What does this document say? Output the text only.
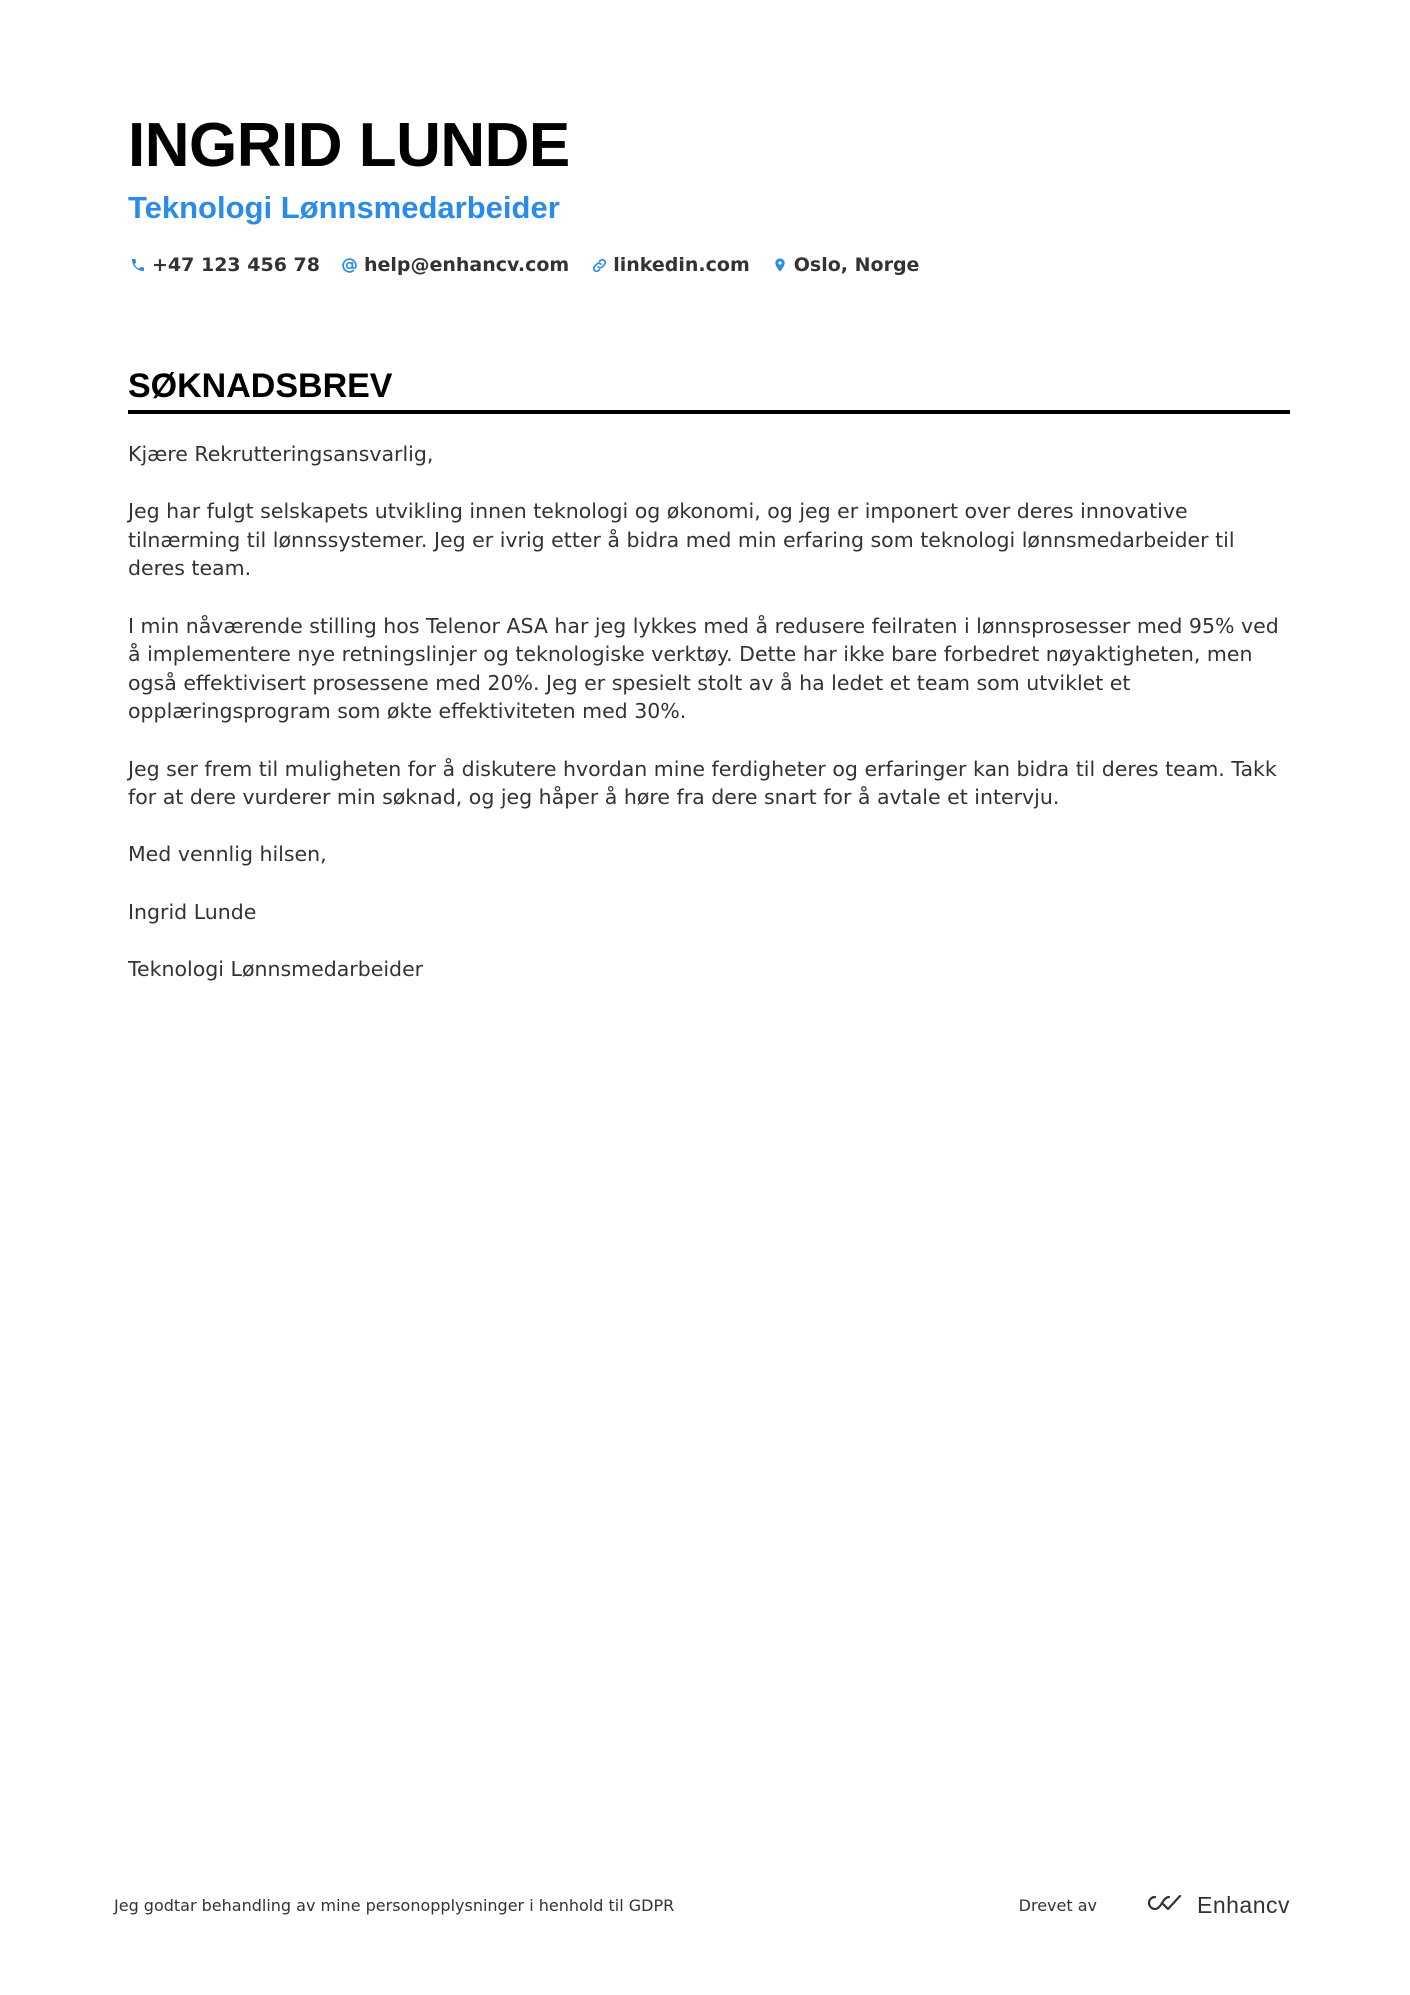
INGRID LUNDE
Teknologi Lønnsmedarbeider
+47 123 456 78 help@enhancv.com linkedin.com Oslo, Norge
SØKNADSBREV

Kjære Rekrutteringsansvarlig,

Jeg har fulgt selskapets utvikling innen teknologi og økonomi, og jeg er imponert over deres innovative tilnærming til lønnssystemer. Jeg er ivrig etter å bidra med min erfaring som teknologi lønnsmedarbeider til deres team.

I min nåværende stilling hos Telenor ASA har jeg lykkes med å redusere feilraten i lønnsprosesser med 95% ved å implementere nye retningslinjer og teknologiske verktøy. Dette har ikke bare forbedret nøyaktigheten, men også effektivisert prosessene med 20%. Jeg er spesielt stolt av å ha ledet et team som utviklet et opplæringsprogram som økte effektiviteten med 30%.

Jeg ser frem til muligheten for å diskutere hvordan mine ferdigheter og erfaringer kan bidra til deres team. Takk for at dere vurderer min søknad, og jeg håper å høre fra dere snart for å avtale et intervju.

Med vennlig hilsen,

Ingrid Lunde

Teknologi Lønnsmedarbeider

Jeg godtar behandling av mine personopplysninger i henhold til GDPR	Drevet av	Enhancv
